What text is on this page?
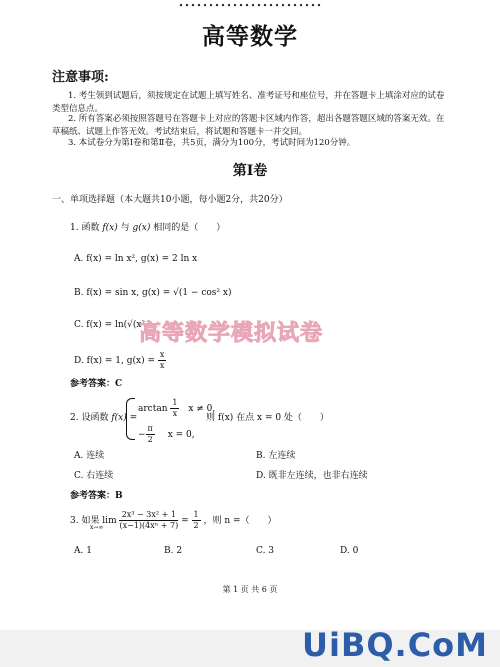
……………………
高等数学
注意事项:
1. 考生领到试题后，须按规定在试题上填写姓名、准考证号和座位号，并在答题卡上填涂对应的试卷类型信息点。
2. 所有答案必须按照答题号在答题卡上对应的答题卡区域内作答，超出各题答题区域的答案无效。在草稿纸、试题上作答无效。考试结束后，将试题和答题卡一并交回。
3. 本试卷分为第Ⅰ卷和第Ⅱ卷，共5页，满分为100分，考试时间为120分钟。
第Ⅰ卷
一、单项选择题（本大题共10小题，每小题2分，共20分）
1. 函数 f(x) 与 g(x) 相同的是（　　）
A. f(x) = ln x², g(x) = 2 ln x
B. f(x) = sin x, g(x) = √(1 − cos² x)
C. f(x) = ln(√(x²
D. f(x) = 1, $g(x) = \frac{x}{x}$
参考答案：C
高等数学模拟试卷
2. 设函数 f(x) =
$\arctan \frac{1}{x}$ x ≠ 0,
− $\frac{\pi}{2}$ x = 0,
则 f(x) 在点 x = 0 处（　　）
A. 连续	B. 左连续
C. 右连续	D. 既非左连续，也非右连续
参考答案：B
3. 如果 $\lim \frac{\text{2x³ − 3x² + 1}}{\text{(x−1)(4xⁿ + 7)}} = \frac{1}{2}$ ，则 n =（　　）
x→∞
A. 1	B. 2	C. 3	D. 0
第 1 页 共 6 页
UiBQ.CoM
